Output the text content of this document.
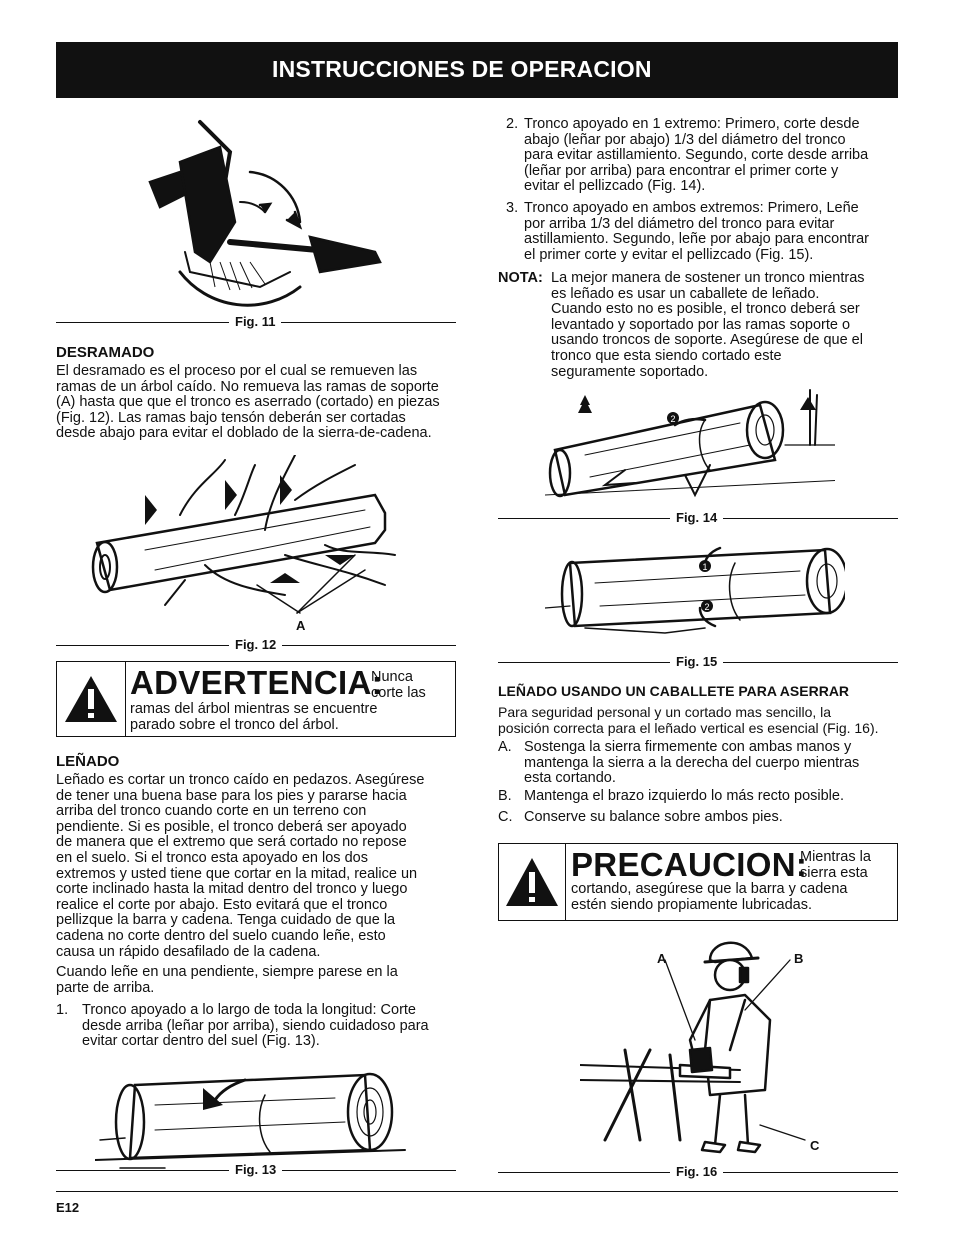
INSTRUCCIONES DE OPERACION
Fig. 11
DESRAMADO
El desramado es el proceso por el cual se remueven las
ramas de un árbol caído. No remueva las ramas de soporte
(A) hasta que que el tronco es aserrado (cortado) en piezas
(Fig. 12). Las ramas bajo tensón deberán ser cortadas
desde abajo para evitar el doblado de la sierra-de-cadena.
A
Fig. 12
ADVERTENCIA:
Nunca
corte las
ramas del árbol mientras se encuentre
parado sobre el tronco del árbol.
LEÑADO
Leñado es cortar un tronco caído en pedazos. Asegúrese
de tener una buena base para los pies y pararse hacia
arriba del tronco cuando corte en un terreno con
pendiente. Si es posible, el tronco deberá ser apoyado
de manera que el extremo que será cortado no repose
en el suelo. Si el tronco esta apoyado en los dos
extremos y usted tiene que cortar en la mitad, realice un
corte inclinado hasta la mitad dentro del tronco y luego
realice el corte por abajo. Esto evitará que el tronco
pellizque la barra y cadena. Tenga cuidado de que la
cadena no corte dentro del suelo cuando leñe, esto
causa un rápido desafilado de la cadena.
Cuando leñe en una pendiente, siempre parese en la
parte de arriba.
1. Tronco apoyado a lo largo de toda la longitud: Corte
desde arriba (leñar por arriba), siendo cuidadoso para
evitar cortar dentro del suel (Fig. 13).
Fig. 13
2. Tronco apoyado en 1 extremo: Primero, corte desde
abajo (leñar por abajo) 1/3 del diámetro del tronco
para evitar astillamiento. Segundo, corte desde arriba
(leñar por arriba) para encontrar el primer corte y
evitar el pellizcado (Fig. 14).
3. Tronco apoyado en ambos extremos: Primero, Leñe
por arriba 1/3 del diámetro del tronco para evitar
astillamiento. Segundo, leñe por abajo para encontrar
el primer corte y evitar el pellizcado (Fig. 15).
NOTA: La mejor manera de sostener un tronco mientras
es leñado es usar un caballete de leñado.
Cuando esto no es posible, el tronco deberá ser
levantado y soportado por las ramas soporte o
usando troncos de soporte. Asegúrese de que el
tronco que esta siendo cortado este
seguramente soportado.
2
Fig. 14
1
2
Fig. 15
LEÑADO USANDO UN CABALLETE PARA ASERRAR
Para seguridad personal y un cortado mas sencillo, la
posición correcta para el leñado vertical es esencial (Fig. 16).
A. Sostenga la sierra firmemente con ambas manos y
mantenga la sierra a la derecha del cuerpo mientras
esta cortando.
B. Mantenga el brazo izquierdo lo más recto posible.
C. Conserve su balance sobre ambos pies.
PRECAUCION:
Mientras la
sierra esta
cortando, asegúrese que la barra y cadena
estén siendo propiamente lubricadas.
A	B
C
Fig. 16
E12
